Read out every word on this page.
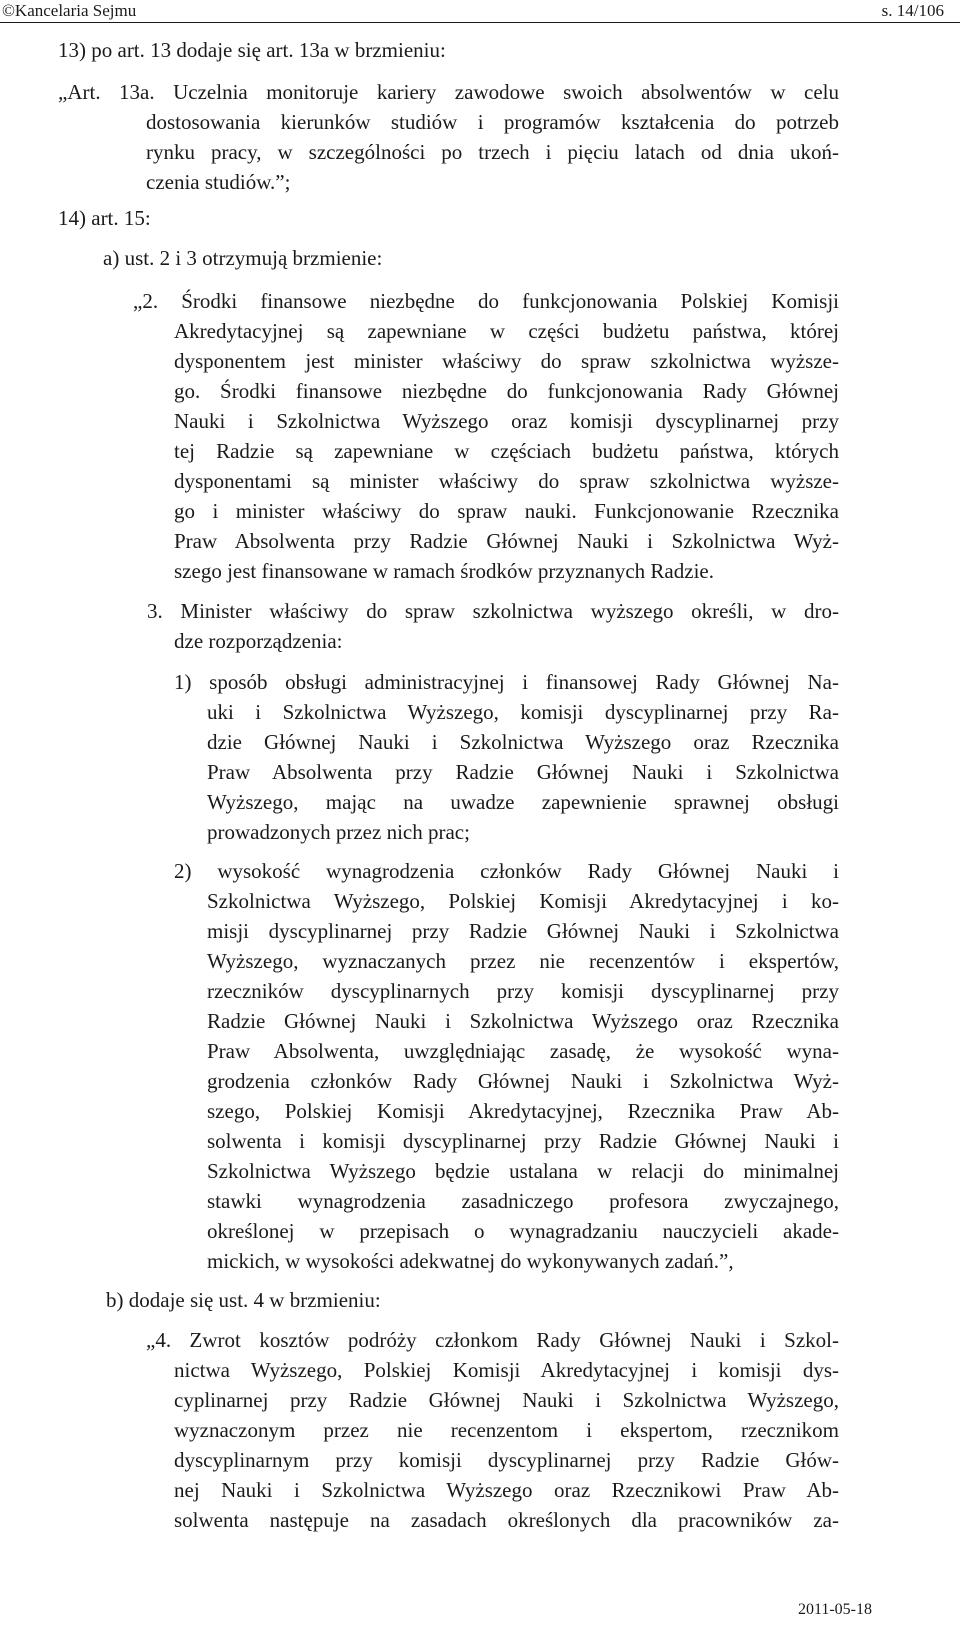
©Kancelaria Sejmu	s. 14/106
13) po art. 13 dodaje się art. 13a w brzmieniu:
„Art. 13a. Uczelnia monitoruje kariery zawodowe swoich absolwentów w celu
dostosowania kierunków studiów i programów kształcenia do potrzeb
rynku pracy, w szczególności po trzech i pięciu latach od dnia ukoń-
czenia studiów.”;
14) art. 15:
a) ust. 2 i 3 otrzymują brzmienie:
„2. Środki finansowe niezbędne do funkcjonowania Polskiej Komisji
Akredytacyjnej są zapewniane w części budżetu państwa, której
dysponentem jest minister właściwy do spraw szkolnictwa wyższe-
go. Środki finansowe niezbędne do funkcjonowania Rady Głównej
Nauki i Szkolnictwa Wyższego oraz komisji dyscyplinarnej przy
tej Radzie są zapewniane w częściach budżetu państwa, których
dysponentami są minister właściwy do spraw szkolnictwa wyższe-
go i minister właściwy do spraw nauki. Funkcjonowanie Rzecznika
Praw Absolwenta przy Radzie Głównej Nauki i Szkolnictwa Wyż-
szego jest finansowane w ramach środków przyznanych Radzie.
3. Minister właściwy do spraw szkolnictwa wyższego określi, w dro-
dze rozporządzenia:
1) sposób obsługi administracyjnej i finansowej Rady Głównej Na-
uki i Szkolnictwa Wyższego, komisji dyscyplinarnej przy Ra-
dzie Głównej Nauki i Szkolnictwa Wyższego oraz Rzecznika
Praw Absolwenta przy Radzie Głównej Nauki i Szkolnictwa
Wyższego, mając na uwadze zapewnienie sprawnej obsługi
prowadzonych przez nich prac;
2) wysokość wynagrodzenia członków Rady Głównej Nauki i
Szkolnictwa Wyższego, Polskiej Komisji Akredytacyjnej i ko-
misji dyscyplinarnej przy Radzie Głównej Nauki i Szkolnictwa
Wyższego, wyznaczanych przez nie recenzentów i ekspertów,
rzeczników dyscyplinarnych przy komisji dyscyplinarnej przy
Radzie Głównej Nauki i Szkolnictwa Wyższego oraz Rzecznika
Praw Absolwenta, uwzględniając zasadę, że wysokość wyna-
grodzenia członków Rady Głównej Nauki i Szkolnictwa Wyż-
szego, Polskiej Komisji Akredytacyjnej, Rzecznika Praw Ab-
solwenta i komisji dyscyplinarnej przy Radzie Głównej Nauki i
Szkolnictwa Wyższego będzie ustalana w relacji do minimalnej
stawki wynagrodzenia zasadniczego profesora zwyczajnego,
określonej w przepisach o wynagradzaniu nauczycieli akade-
mickich, w wysokości adekwatnej do wykonywanych zadań.”,
b) dodaje się ust. 4 w brzmieniu:
„4. Zwrot kosztów podróży członkom Rady Głównej Nauki i Szkol-
nictwa Wyższego, Polskiej Komisji Akredytacyjnej i komisji dys-
cyplinarnej przy Radzie Głównej Nauki i Szkolnictwa Wyższego,
wyznaczonym przez nie recenzentom i ekspertom, rzecznikom
dyscyplinarnym przy komisji dyscyplinarnej przy Radzie Głów-
nej Nauki i Szkolnictwa Wyższego oraz Rzecznikowi Praw Ab-
solwenta następuje na zasadach określonych dla pracowników za-
2011-05-18
